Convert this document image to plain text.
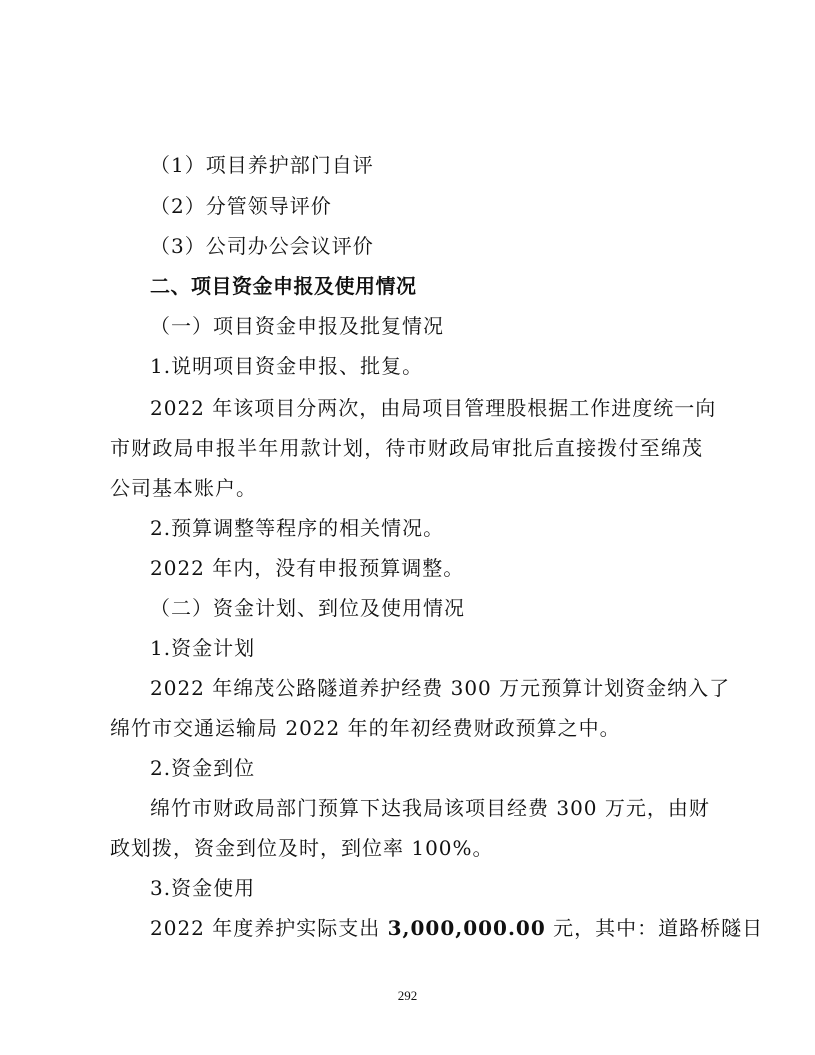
（1）项目养护部门自评
（2）分管领导评价
（3）公司办公会议评价
二、项目资金申报及使用情况
（一）项目资金申报及批复情况
1.说明项目资金申报、批复。
2022 年该项目分两次，由局项目管理股根据工作进度统一向
市财政局申报半年用款计划，待市财政局审批后直接拨付至绵茂
公司基本账户。
2.预算调整等程序的相关情况。
2022 年内，没有申报预算调整。
（二）资金计划、到位及使用情况
1.资金计划
2022 年绵茂公路隧道养护经费 300 万元预算计划资金纳入了
绵竹市交通运输局 2022 年的年初经费财政预算之中。
2.资金到位
绵竹市财政局部门预算下达我局该项目经费 300 万元，由财
政划拨，资金到位及时，到位率 100%。
3.资金使用
2022 年度养护实际支出 3,000,000.00 元，其中：道路桥隧日
292
